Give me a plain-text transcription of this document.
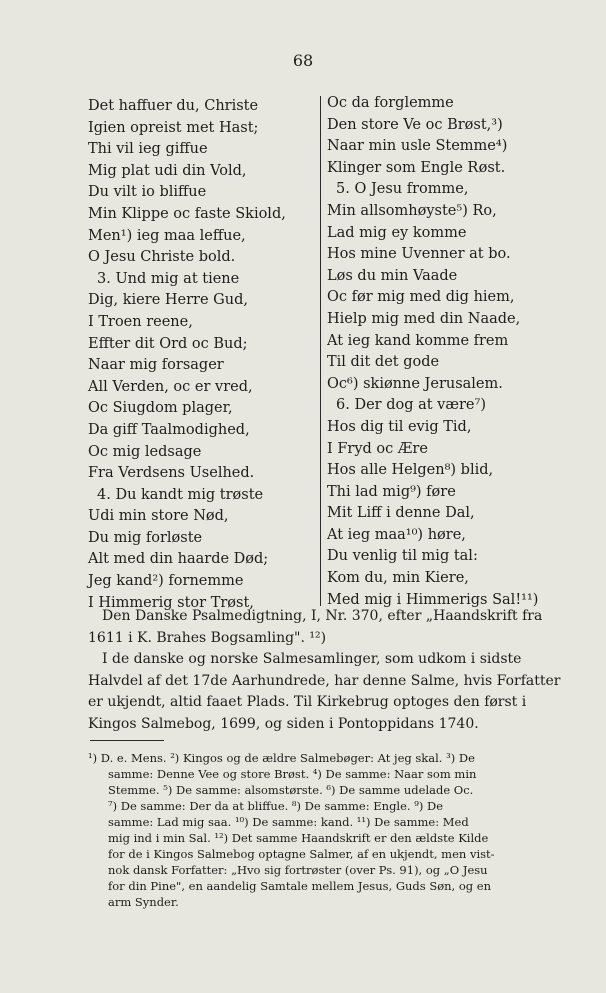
68
Det haffuer du, Christe
Igien opreist met Hast;
Thi vil ieg giffue
Mig plat udi din Vold,
Du vilt io bliffue
Min Klippe oc faste Skiold,
Men¹) ieg maa leffue,
O Jesu Christe bold.
3. Und mig at tiene
Dig, kiere Herre Gud,
I Troen reene,
Effter dit Ord oc Bud;
Naar mig forsager
All Verden, oc er vred,
Oc Siugdom plager,
Da giff Taalmodighed,
Oc mig ledsage
Fra Verdsens Uselhed.
4. Du kandt mig trøste
Udi min store Nød,
Du mig forløste
Alt med din haarde Død;
Jeg kand²) fornemme
I Himmerig stor Trøst,
Oc da forglemme
Den store Ve oc Brøst,³)
Naar min usle Stemme⁴)
Klinger som Engle Røst.
5. O Jesu fromme,
Min allsomhøyste⁵) Ro,
Lad mig ey komme
Hos mine Uvenner at bo.
Løs du min Vaade
Oc før mig med dig hiem,
Hielp mig med din Naade,
At ieg kand komme frem
Til dit det gode
Oc⁶) skiønne Jerusalem.
6. Der dog at være⁷)
Hos dig til evig Tid,
I Fryd oc Ære
Hos alle Helgen⁸) blid,
Thi lad mig⁹) føre
Mit Liff i denne Dal,
At ieg maa¹⁰) høre,
Du venlig til mig tal:
Kom du, min Kiere,
Med mig i Himmerigs Sal!¹¹)
Den Danske Psalmedigtning, I, Nr. 370, efter „Haandskrift fra
1611 i K. Brahes Bogsamling". ¹²)
I de danske og norske Salmesamlinger, som udkom i sidste
Halvdel af det 17de Aarhundrede, har denne Salme, hvis Forfatter
er ukjendt, altid faaet Plads. Til Kirkebrug optoges den først i
Kingos Salmebog, 1699, og siden i Pontoppidans 1740.
¹) D. e. Mens. ²) Kingos og de ældre Salmebøger: At jeg skal. ³) De
samme: Denne Vee og store Brøst. ⁴) De samme: Naar som min
Stemme. ⁵) De samme: alsomstørste. ⁶) De samme udelade Oc.
⁷) De samme: Der da at bliffue. ⁸) De samme: Engle. ⁹) De
samme: Lad mig saa. ¹⁰) De samme: kand. ¹¹) De samme: Med
mig ind i min Sal. ¹²) Det samme Haandskrift er den ældste Kilde
for de i Kingos Salmebog optagne Salmer, af en ukjendt, men vist-
nok dansk Forfatter: „Hvo sig fortrøster (over Ps. 91), og „O Jesu
for din Pine", en aandelig Samtale mellem Jesus, Guds Søn, og en
arm Synder.
